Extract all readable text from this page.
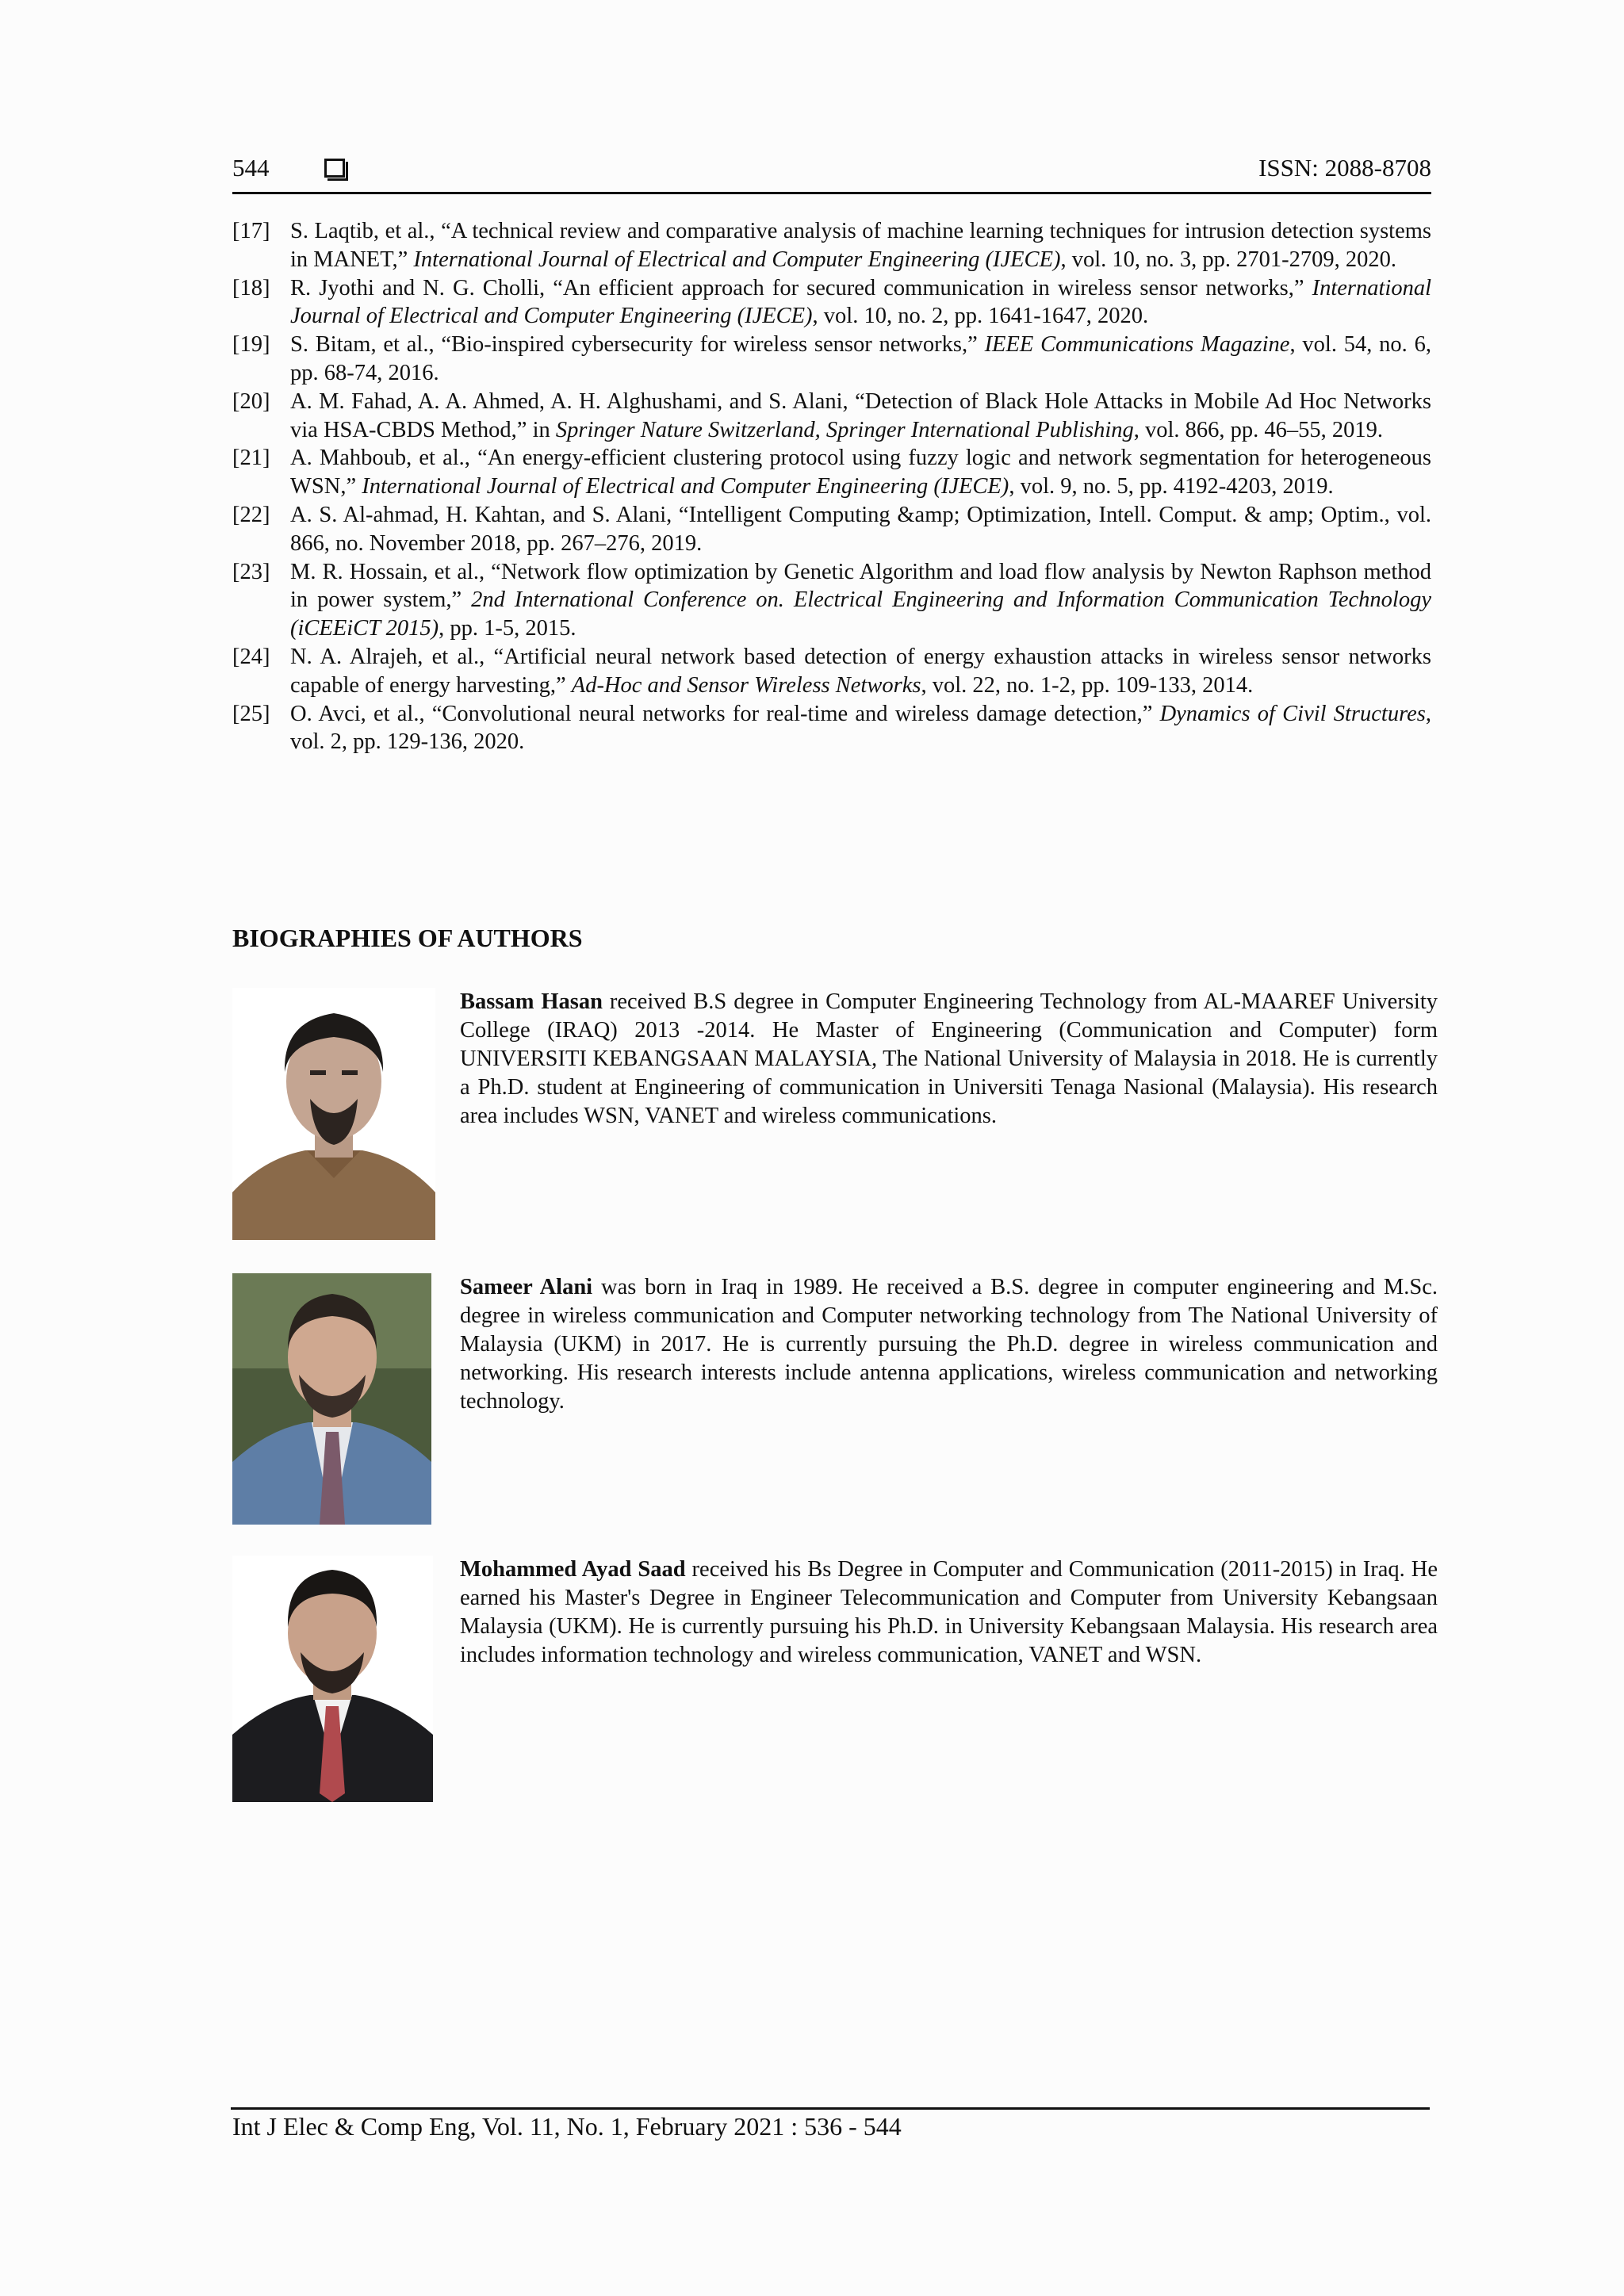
544	ISSN: 2088-8708
[17] S. Laqtib, et al., “A technical review and comparative analysis of machine learning techniques for intrusion detection systems in MANET,” International Journal of Electrical and Computer Engineering (IJECE), vol. 10, no. 3, pp. 2701-2709, 2020.
[18] R. Jyothi and N. G. Cholli, “An efficient approach for secured communication in wireless sensor networks,” International Journal of Electrical and Computer Engineering (IJECE), vol. 10, no. 2, pp. 1641-1647, 2020.
[19] S. Bitam, et al., “Bio-inspired cybersecurity for wireless sensor networks,” IEEE Communications Magazine, vol. 54, no. 6, pp. 68-74, 2016.
[20] A. M. Fahad, A. A. Ahmed, A. H. Alghushami, and S. Alani, “Detection of Black Hole Attacks in Mobile Ad Hoc Networks via HSA-CBDS Method,” in Springer Nature Switzerland, Springer International Publishing, vol. 866, pp. 46–55, 2019.
[21] A. Mahboub, et al., “An energy-efficient clustering protocol using fuzzy logic and network segmentation for heterogeneous WSN,” International Journal of Electrical and Computer Engineering (IJECE), vol. 9, no. 5, pp. 4192-4203, 2019.
[22] A. S. Al-ahmad, H. Kahtan, and S. Alani, “Intelligent Computing &amp; Optimization, Intell. Comput. & amp; Optim., vol. 866, no. November 2018, pp. 267–276, 2019.
[23] M. R. Hossain, et al., “Network flow optimization by Genetic Algorithm and load flow analysis by Newton Raphson method in power system,” 2nd International Conference on. Electrical Engineering and Information Communication Technology (iCEEiCT 2015), pp. 1-5, 2015.
[24] N. A. Alrajeh, et al., “Artificial neural network based detection of energy exhaustion attacks in wireless sensor networks capable of energy harvesting,” Ad-Hoc and Sensor Wireless Networks, vol. 22, no. 1-2, pp. 109-133, 2014.
[25] O. Avci, et al., “Convolutional neural networks for real-time and wireless damage detection,” Dynamics of Civil Structures, vol. 2, pp. 129-136, 2020.
BIOGRAPHIES OF AUTHORS
Bassam Hasan received B.S degree in Computer Engineering Technology from AL-MAAREF University College (IRAQ) 2013 -2014. He Master of Engineering (Communication and Computer) form UNIVERSITI KEBANGSAAN MALAYSIA, The National University of Malaysia in 2018. He is currently a Ph.D. student at Engineering of communication in Universiti Tenaga Nasional (Malaysia). His research area includes WSN, VANET and wireless communications.
Sameer Alani was born in Iraq in 1989. He received a B.S. degree in computer engineering and M.Sc. degree in wireless communication and Computer networking technology from The National University of Malaysia (UKM) in 2017. He is currently pursuing the Ph.D. degree in wireless communication and networking. His research interests include antenna applications, wireless communication and networking technology.
Mohammed Ayad Saad received his Bs Degree in Computer and Communication (2011-2015) in Iraq. He earned his Master's Degree in Engineer Telecommunication and Computer from University Kebangsaan Malaysia (UKM). He is currently pursuing his Ph.D. in University Kebangsaan Malaysia. His research area includes information technology and wireless communication, VANET and WSN.
Int J Elec & Comp Eng, Vol. 11, No. 1, February 2021 : 536 - 544
